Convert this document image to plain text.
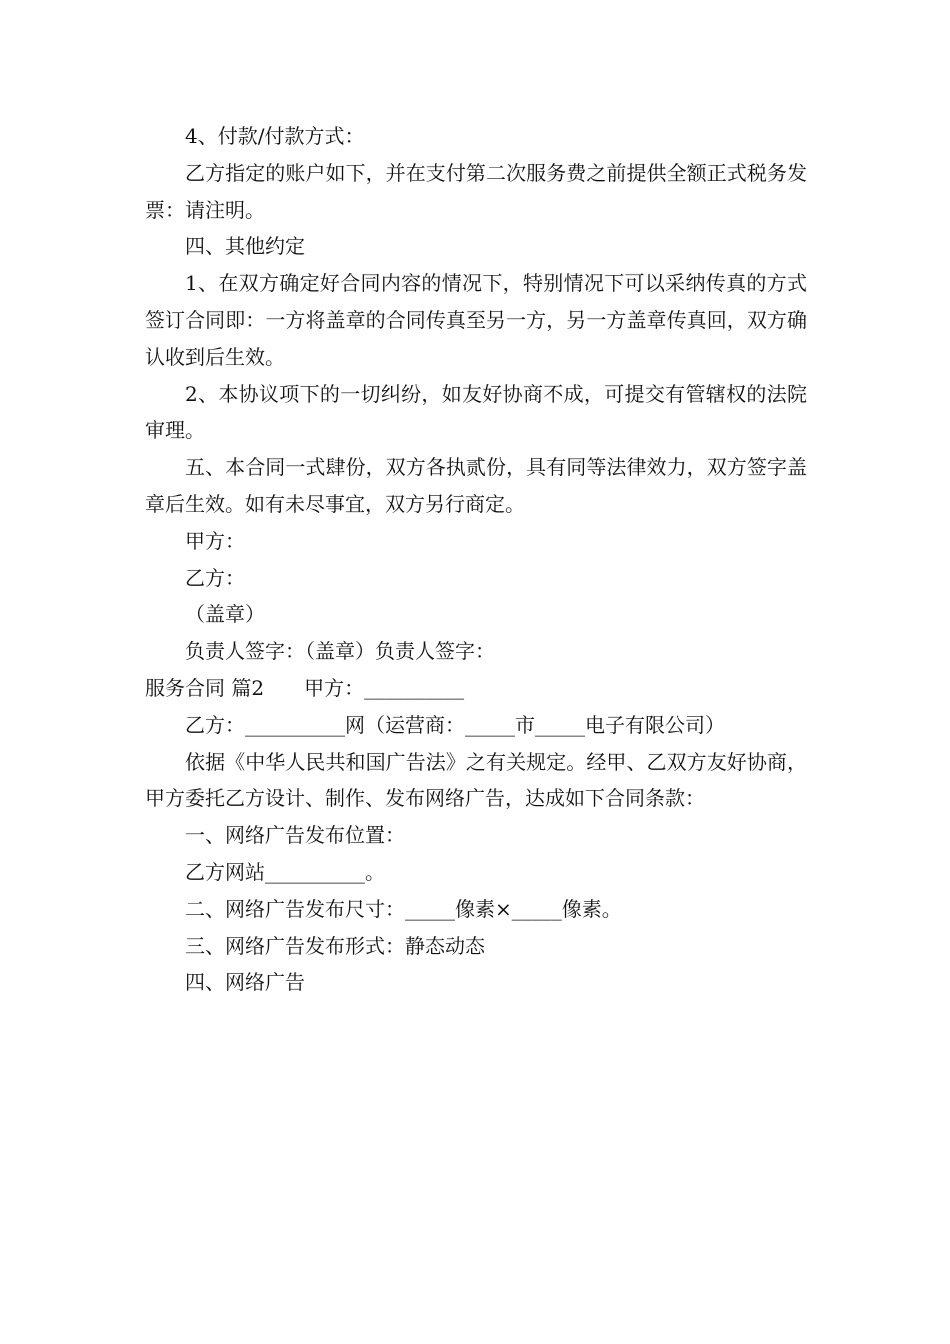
4、付款/付款方式：

乙方指定的账户如下，并在支付第二次服务费之前提供全额正式税务发票：请注明。

四、其他约定

1、在双方确定好合同内容的情况下，特别情况下可以采纳传真的方式签订合同即：一方将盖章的合同传真至另一方，另一方盖章传真回，双方确认收到后生效。

2、本协议项下的一切纠纷，如友好协商不成，可提交有管辖权的法院审理。

五、本合同一式肆份，双方各执贰份，具有同等法律效力，双方签字盖章后生效。如有未尽事宜，双方另行商定。

甲方：

乙方：

（盖章）

负责人签字：（盖章）负责人签字：

服务合同 篇2 甲方：__________

乙方：__________网（运营商：_____市_____电子有限公司）

依据《中华人民共和国广告法》之有关规定。经甲、乙双方友好协商，甲方委托乙方设计、制作、发布网络广告，达成如下合同条款：

一、网络广告发布位置：

乙方网站__________。

二、网络广告发布尺寸：_____像素×_____像素。

三、网络广告发布形式：静态动态

四、网络广告
